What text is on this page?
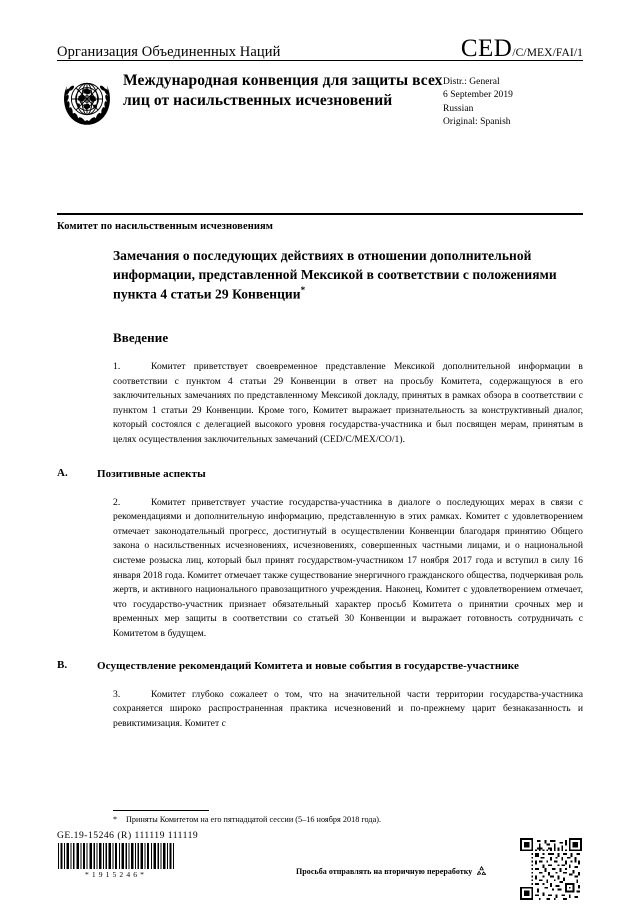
Организация Объединенных Наций	CED /C/MEX/FAI/1
Международная конвенция для защиты всех лиц от насильственных исчезновений
Distr.: General
6 September 2019
Russian
Original: Spanish
Комитет по насильственным исчезновениям
Замечания о последующих действиях в отношении дополнительной информации, представленной Мексикой в соответствии с положениями пункта 4 статьи 29 Конвенции*
Введение

1.	Комитет приветствует своевременное представление Мексикой дополнительной информации в соответствии с пунктом 4 статьи 29 Конвенции в ответ на просьбу Комитета, содержащуюся в его заключительных замечаниях по представленному Мексикой докладу, принятых в рамках обзора в соответствии с пунктом 1 статьи 29 Конвенции. Кроме того, Комитет выражает признательность за конструктивный диалог, который состоялся с делегацией высокого уровня государства-участника и был посвящен мерам, принятым в целях осуществления заключительных замечаний (CED/C/MEX/CO/1).

A.	Позитивные аспекты

2.	Комитет приветствует участие государства-участника в диалоге о последующих мерах в связи с рекомендациями и дополнительную информацию, представленную в этих рамках. Комитет с удовлетворением отмечает законодательный прогресс, достигнутый в осуществлении Конвенции благодаря принятию Общего закона о насильственных исчезновениях, исчезновениях, совершенных частными лицами, и о национальной системе розыска лиц, который был принят государством-участником 17 ноября 2017 года и вступил в силу 16 января 2018 года. Комитет отмечает также существование энергичного гражданского общества, подчеркивая роль жертв, и активного национального правозащитного учреждения. Наконец, Комитет с удовлетворением отмечает, что государство-участник признает обязательный характер просьб Комитета о принятии срочных мер и временных мер защиты в соответствии со статьей 30 Конвенции и выражает готовность сотрудничать с Комитетом в будущем.

B.	Осуществление рекомендаций Комитета и новые события в государстве-участнике

3.	Комитет глубоко сожалеет о том, что на значительной части территории государства-участника сохраняется широко распространенная практика исчезновений и по-прежнему царит безнаказанность и ревиктимизация. Комитет с

* Приняты Комитетом на его пятнадцатой сессии (5–16 ноября 2018 года).
GE.19-15246 (R) 111119 111119
*1915246*	Просьба отправлять на вторичную переработку
